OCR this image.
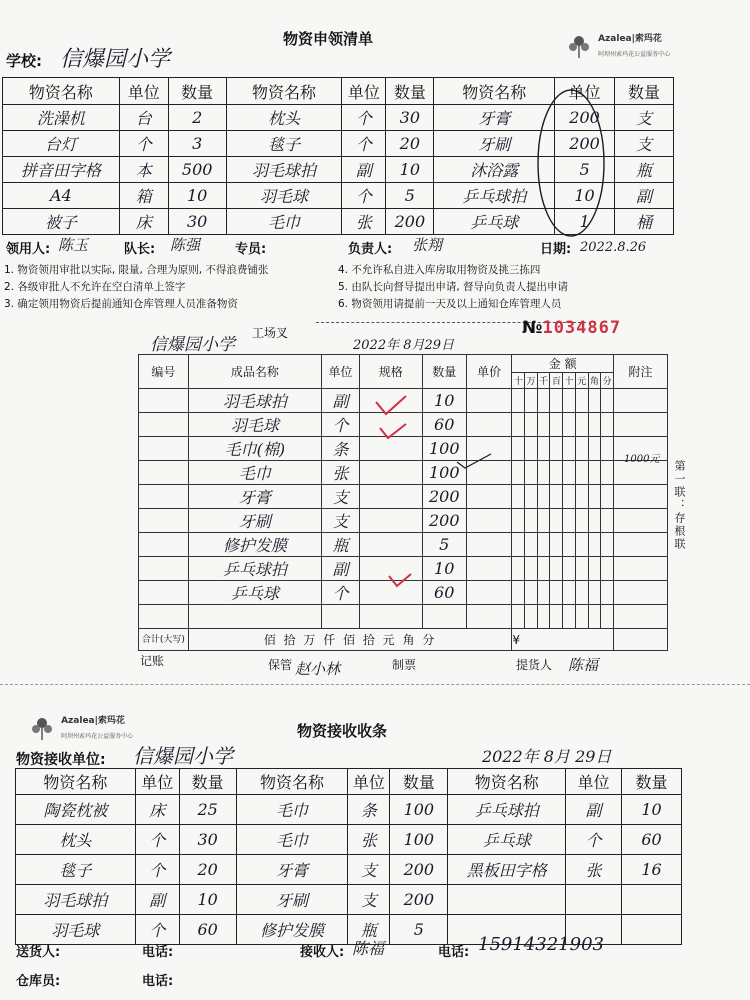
物资申领清单	Azalea|索玛花
阿坝州索玛花公益服务中心
学校: 信爆园小学
物资名称	单位	数量	物资名称	单位	数量	物资名称	单位	数量
洗澡机	台	2	枕头	个	30	牙膏	200	支
台灯	个	3	毯子	个	20	牙刷	200	支
拼音田字格	本	500	羽毛球拍	副	10	沐浴露	5	瓶
A4	箱	10	羽毛球	个	5	乒乓球拍	10	副
被子	床	30	毛巾	张	200	乒乓球	1	桶
领用人: 陈玉	队长: 陈强	专员:	负责人: 张翔	日期: 2022.8.26
1. 物资领用审批以实际, 限量, 合理为原则, 不得浪费铺张
2. 各级审批人不允许在空白清单上签字
3. 确定领用物资后提前通知仓库管理人员准备物资
4. 不允许私自进入库房取用物资及挑三拣四
5. 由队长向督导提出申请, 督导向负责人提出申请
6. 物资领用请提前一天及以上通知仓库管理人员
信爆园小学
工场叉
2022年 8月29日
№1034867
编号	成品名称	单位	规格	数量	单价	金 额								附注
						十	万	千	百	十	元	角	分	
	羽毛球拍	副		10										
	羽毛球	个		60										
	毛巾(棉)	条		100										
	毛巾	张		100										
	牙膏	支		200										
	牙刷	支		200										
	修护发膜	瓶		5										
	乒乓球拍	副		10										
	乒乓球	个		60										

合计(大写)	佰 拾 万 仟 佰 拾 元 角 分					¥								
1000元
第一联：存根联
记账	保管 赵小林	制票	提货人 陈福
Azalea|索玛花
阿坝州索玛花公益服务中心	物资接收收条
物资接收单位: 信爆园小学	2022年 8月 29日
物资名称	单位	数量	物资名称	单位	数量	物资名称	单位	数量
陶瓷枕被	床	25	毛巾	条	100	乒乓球拍	副	10
枕头	个	30	毛巾	张	100	乒乓球	个	60
毯子	个	20	牙膏	支	200	黑板田字格	张	16
羽毛球拍	副	10	牙刷	支	200			
羽毛球	个	60	修护发膜	瓶	5			
送货人:	电话:	接收人: 陈福	电话: 15914321903
仓库员:	电话:
